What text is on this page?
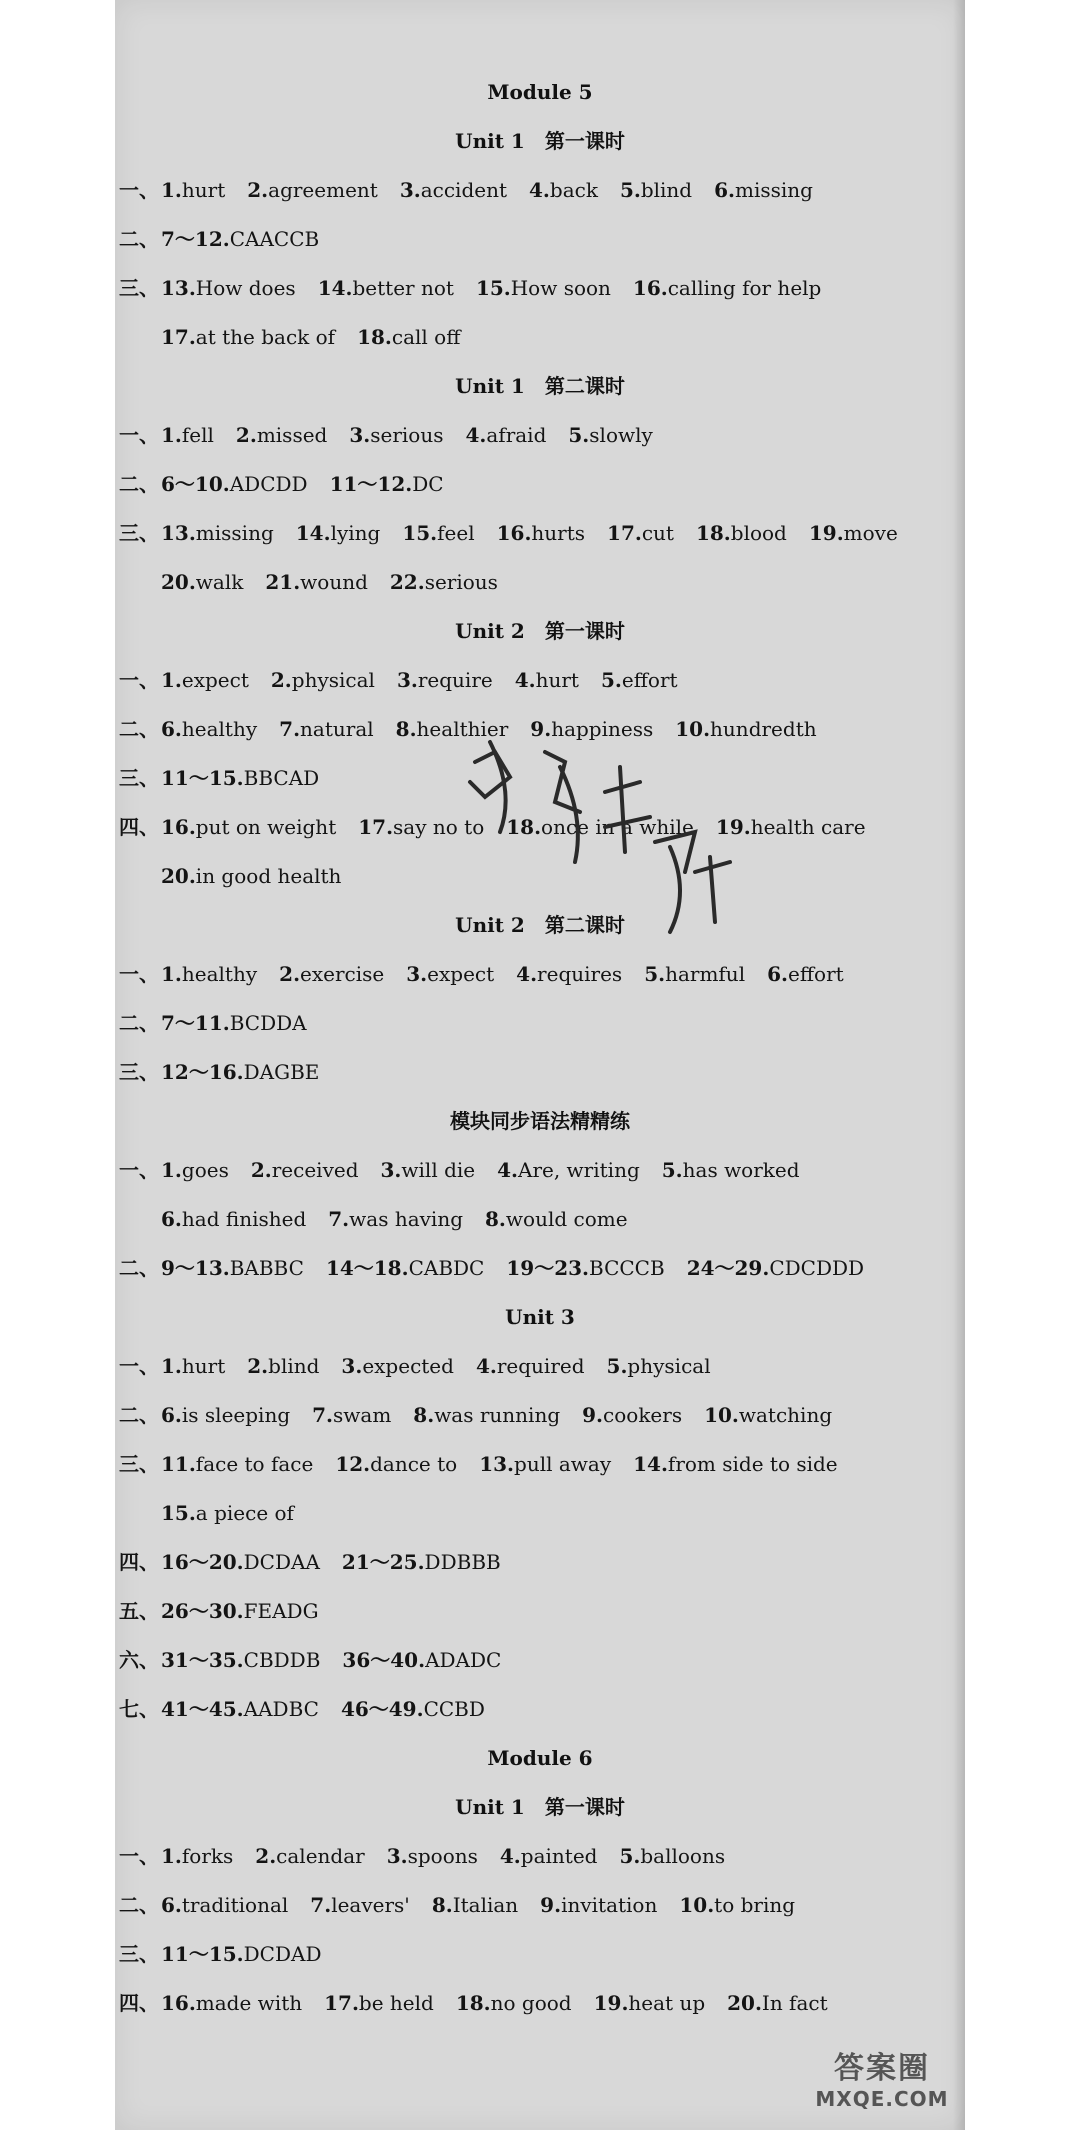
Module 5
Unit 1　第一课时
一、 1.hurt 2.agreement 3.accident 4.back 5.blind 6.missing
二、 7～12.CAACCB
三、 13.How does 14.better not 15.How soon 16.calling for help
17.at the back of 18.call off
Unit 1　第二课时
一、 1.fell 2.missed 3.serious 4.afraid 5.slowly
二、 6～10.ADCDD 11～12.DC
三、 13.missing 14.lying 15.feel 16.hurts 17.cut 18.blood 19.move
20.walk 21.wound 22.serious
Unit 2　第一课时
一、 1.expect 2.physical 3.require 4.hurt 5.effort
二、 6.healthy 7.natural 8.healthier 9.happiness 10.hundredth
三、 11～15.BBCAD
四、 16.put on weight 17.say no to 18.once in a while 19.health care
20.in good health
Unit 2　第二课时
一、 1.healthy 2.exercise 3.expect 4.requires 5.harmful 6.effort
二、 7～11.BCDDA
三、 12～16.DAGBE
模块同步语法精精练
一、 1.goes 2.received 3.will die 4.Are, writing 5.has worked
6.had finished 7.was having 8.would come
二、 9～13.BABBC 14～18.CABDC 19～23.BCCCB 24～29.CDCDDD
Unit 3
一、 1.hurt 2.blind 3.expected 4.required 5.physical
二、 6.is sleeping 7.swam 8.was running 9.cookers 10.watching
三、 11.face to face 12.dance to 13.pull away 14.from side to side
15.a piece of
四、 16～20.DCDAA 21～25.DDBBB
五、 26～30.FEADG
六、 31～35.CBDDB 36～40.ADADC
七、 41～45.AADBC 46～49.CCBD
Module 6
Unit 1　第一课时
一、 1.forks 2.calendar 3.spoons 4.painted 5.balloons
二、 6.traditional 7.leavers' 8.Italian 9.invitation 10.to bring
三、 11～15.DCDAD
四、 16.made with 17.be held 18.no good 19.heat up 20.In fact
答案圈
MXQE.COM
